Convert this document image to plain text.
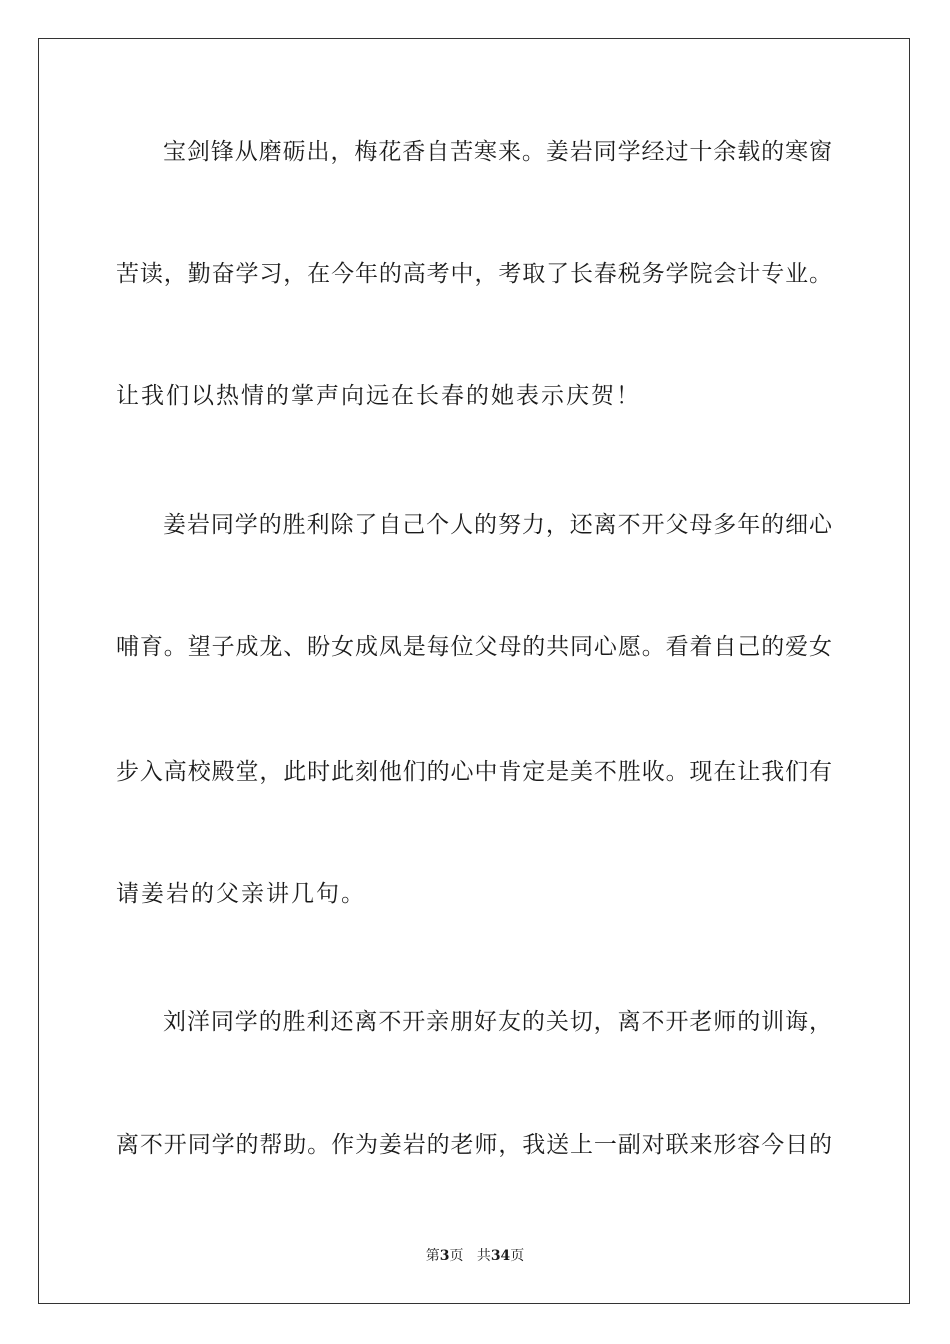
宝剑锋从磨砺出，梅花香自苦寒来。姜岩同学经过十余载的寒窗
苦读，勤奋学习，在今年的高考中，考取了长春税务学院会计专业。
让我们以热情的掌声向远在长春的她表示庆贺！
姜岩同学的胜利除了自己个人的努力，还离不开父母多年的细心
哺育。望子成龙、盼女成凤是每位父母的共同心愿。看着自己的爱女
步入高校殿堂，此时此刻他们的心中肯定是美不胜收。现在让我们有
请姜岩的父亲讲几句。
刘洋同学的胜利还离不开亲朋好友的关切，离不开老师的训诲，
离不开同学的帮助。作为姜岩的老师，我送上一副对联来形容今日的
第3页 共34页
